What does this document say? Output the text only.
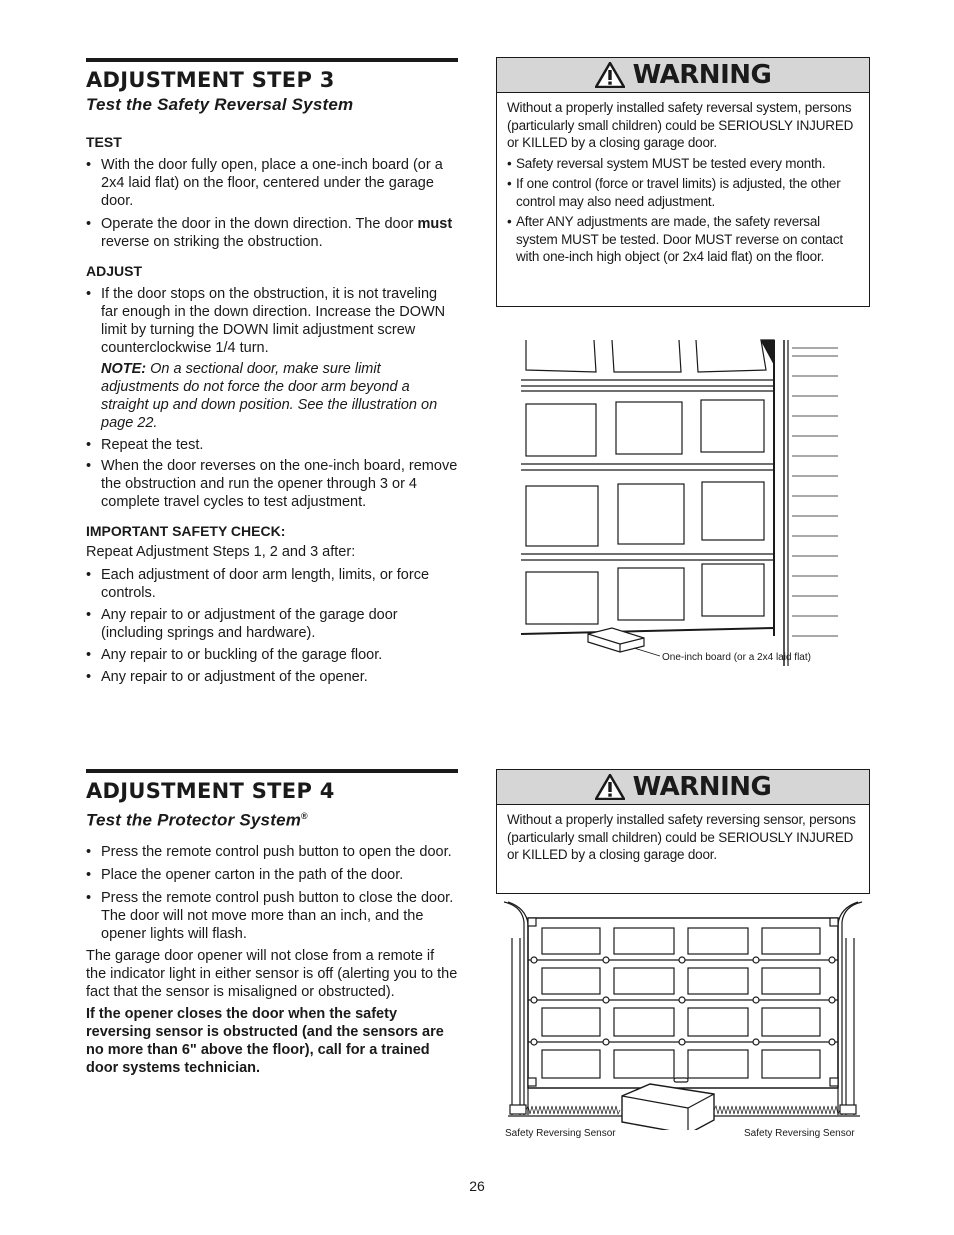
ADJUSTMENT STEP 3
Test the Safety Reversal System
TEST
• With the door fully open, place a one-inch board (or a 2x4 laid flat) on the floor, centered under the garage door.
• Operate the door in the down direction. The door must reverse on striking the obstruction.
ADJUST
• If the door stops on the obstruction, it is not traveling far enough in the down direction. Increase the DOWN limit by turning the DOWN limit adjustment screw counterclockwise 1/4 turn.
NOTE: On a sectional door, make sure limit adjustments do not force the door arm beyond a straight up and down position. See the illustration on page 22.
• Repeat the test.
• When the door reverses on the one-inch board, remove the obstruction and run the opener through 3 or 4 complete travel cycles to test adjustment.
IMPORTANT SAFETY CHECK:

Repeat Adjustment Steps 1, 2 and 3 after:

• Each adjustment of door arm length, limits, or force controls.
• Any repair to or adjustment of the garage door (including springs and hardware).
• Any repair to or buckling of the garage floor.
• Any repair to or adjustment of the opener.
WARNING
Without a properly installed safety reversal system, persons (particularly small children) could be SERIOUSLY INJURED or KILLED by a closing garage door.
• Safety reversal system MUST be tested every month.
• If one control (force or travel limits) is adjusted, the other control may also need adjustment.
• After ANY adjustments are made, the safety reversal system MUST be tested. Door MUST reverse on contact with one-inch high object (or 2x4 laid flat) on the floor.
One-inch board (or a 2x4 laid flat)
ADJUSTMENT STEP 4
Test the Protector System®
• Press the remote control push button to open the door.
• Place the opener carton in the path of the door.
• Press the remote control push button to close the door. The door will not move more than an inch, and the opener lights will flash.

The garage door opener will not close from a remote if the indicator light in either sensor is off (alerting you to the fact that the sensor is misaligned or obstructed).

If the opener closes the door when the safety reversing sensor is obstructed (and the sensors are no more than 6" above the floor), call for a trained door systems technician.

WARNING
Without a properly installed safety reversing sensor, persons (particularly small children) could be SERIOUSLY INJURED or KILLED by a closing garage door.
Safety Reversing Sensor	Safety Reversing Sensor
26
